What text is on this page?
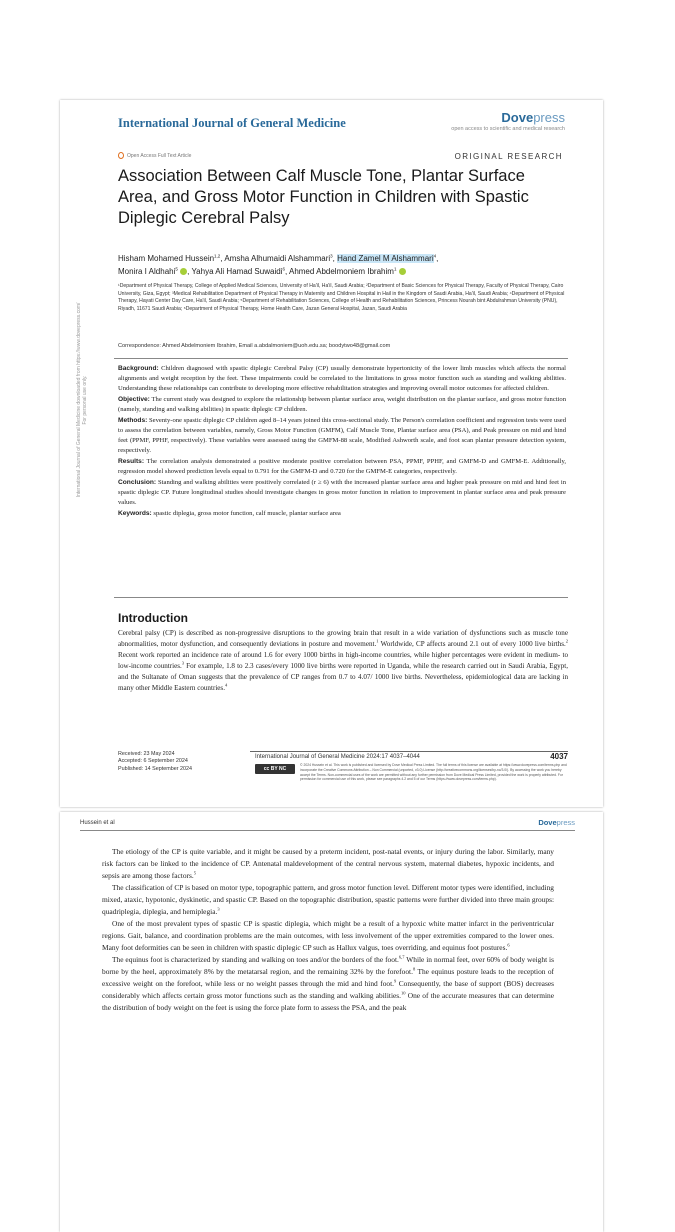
International Journal of General Medicine	Dovepress
open access to scientific and medical research
Open Access Full Text Article	ORIGINAL RESEARCH
Association Between Calf Muscle Tone, Plantar Surface Area, and Gross Motor Function in Children with Spastic Diplegic Cerebral Palsy
Hisham Mohamed Hussein$^{1,2}$, Amsha Alhumaidi Alshammari$^3$, Hand Zamel M Alshammari$^4$,
Monira I Aldhahi$^5$ , Yahya Ali Hamad Suwaidi$^6$, Ahmed Abdelmoniem Ibrahim$^1$
¹Department of Physical Therapy, College of Applied Medical Sciences, University of Ha'il, Ha'il, Saudi Arabia; ²Department of Basic Sciences for Physical Therapy, Faculty of Physical Therapy, Cairo University, Giza, Egypt; ³Medical Rehabilitation Department of Physical Therapy in Maternity and Children Hospital in Hail in the Kingdom of Saudi Arabia, Ha'il, Saudi Arabia; ⁴Department of Physical Therapy, Hayati Center Day Care, Ha'il, Saudi Arabia; ⁵Department of Rehabilitation Sciences, College of Health and Rehabilitation Sciences, Princess Nourah bint Abdulrahman University (PNU), Riyadh, 11671 Saudi Arabia; ⁶Department of Physical Therapy, Home Health Care, Jazan General Hospital, Jazan, Saudi Arabia
Correspondence: Ahmed Abdelmoniem Ibrahim, Email a.abdalmoniem@uoh.edu.sa; boodytwo48@gmail.com

Background: Children diagnosed with spastic diplegic Cerebral Palsy (CP) usually demonstrate hypertonicity of the lower limb muscles which affects the normal alignments and weight reception by the feet. These impairments could be correlated to the limitations in gross motor function such as standing and walking abilities. Understanding these relationships can contribute to developing more effective rehabilitation strategies and improving overall motor outcomes for affected children.

Objective: The current study was designed to explore the relationship between plantar surface area, weight distribution on the plantar surface, and gross motor function (namely, standing and walking abilities) in spastic diplegic CP children.

Methods: Seventy-one spastic diplegic CP children aged 8–14 years joined this cross-sectional study. The Person's correlation coefficient and regression tests were used to assess the correlation between variables, namely, Gross Motor Function (GMFM), Calf Muscle Tone, Plantar surface area (PSA), and Peak pressure on mid and hind feet (PPMF, PPHF, respectively). These variables were assessed using the GMFM-88 scale, Modified Ashworth scale, and foot scan plantar pressure detection system, respectively.

Results: The correlation analysis demonstrated a positive moderate positive correlation between PSA, PPMF, PPHF, and GMFM-D and GMFM-E. Additionally, regression model showed prediction levels equal to 0.791 for the GMFM-D and 0.720 for the GMFM-E categories, respectively.

Conclusion: Standing and walking abilities were positively correlated (r ≥ 6) with the increased plantar surface area and higher peak pressure on mid and hind feet in spastic diplegic CP. Future longitudinal studies should investigate changes in gross motor function in relation to improvement in plantar surface area and peak pressure values.

Keywords: spastic diplegia, gross motor function, calf muscle, plantar surface area

Introduction
Cerebral palsy (CP) is described as non-progressive disruptions to the growing brain that result in a wide variation of dysfunctions such as muscle tone abnormalities, motor dysfunction, and consequently deviations in posture and movement.$^1$ Worldwide, CP affects around 2.1 out of every 1000 live births.$^2$ Recent work reported an incidence rate of around 1.6 for every 1000 births in high-income countries, while higher percentages were evident in medium- to low-income countries.$^3$ For example, 1.8 to 2.3 cases/every 1000 live births were reported in Uganda, while the research carried out in Saudi Arabia, Egypt, and the Sultanate of Oman suggests that the prevalence of CP ranges from 0.7 to 4.07/ 1000 live births. Nevertheless, epidemiological data are lacking in many other Middle Eastern countries.$^4$
International Journal of General Medicine downloaded from https://www.dovepress.com/ For personal use only.
Received: 23 May 2024
Accepted: 6 September 2024
Published: 14 September 2024
International Journal of General Medicine 2024:17 4037–4044	4037
cc BY NC
© 2024 Hussein et al. This work is published and licensed by Dove Medical Press Limited. The full terms of this license are available at https://www.dovepress.com/terms.php and incorporate the Creative Commons Attribution – Non Commercial (unported, v3.0) License (http://creativecommons.org/licenses/by-nc/3.0/). By accessing the work you hereby accept the Terms. Non-commercial uses of the work are permitted without any further permission from Dove Medical Press Limited, provided the work is properly attributed. For permission for commercial use of this work, please see paragraphs 4.2 and 5 of our Terms (https://www.dovepress.com/terms.php).
Hussein et al	Dovepress

The etiology of the CP is quite variable, and it might be caused by a preterm incident, post-natal events, or injury during the labor. Similarly, many risk factors can be linked to the incidence of CP. Antenatal maldevelopment of the central nervous system, maternal diabetes, hypoxic incidents, and sepsis are among those factors.$^5$

The classification of CP is based on motor type, topographic pattern, and gross motor function level. Different motor types were identified, including mixed, ataxic, hypotonic, dyskinetic, and spastic CP. Based on the topographic distribution, spastic patterns were further divided into three main groups: quadriplegia, diplegia, and hemiplegia.$^3$

One of the most prevalent types of spastic CP is spastic diplegia, which might be a result of a hypoxic white matter infarct in the periventricular regions. Gait, balance, and coordination problems are the main outcomes, with less involvement of the upper extremities compared to the lower ones. Many foot deformities can be seen in children with spastic diplegic CP such as Hallux valgus, toes overriding, and equinus foot postures.$^6$

The equinus foot is characterized by standing and walking on toes and/or the borders of the foot.$^{6,7}$ While in normal feet, over 60% of body weight is borne by the heel, approximately 8% by the metatarsal region, and the remaining 32% by the forefoot.$^8$ The equinus posture leads to the reception of excessive weight on the forefoot, while less or no weight passes through the mid and hind foot.$^9$ Consequently, the base of support (BOS) decreases considerably which affects certain gross motor functions such as the standing and walking abilities.$^{10}$ One of the accurate measures that can determine the distribution of body weight on the feet is using the force plate form to assess the PSA, and the peak
